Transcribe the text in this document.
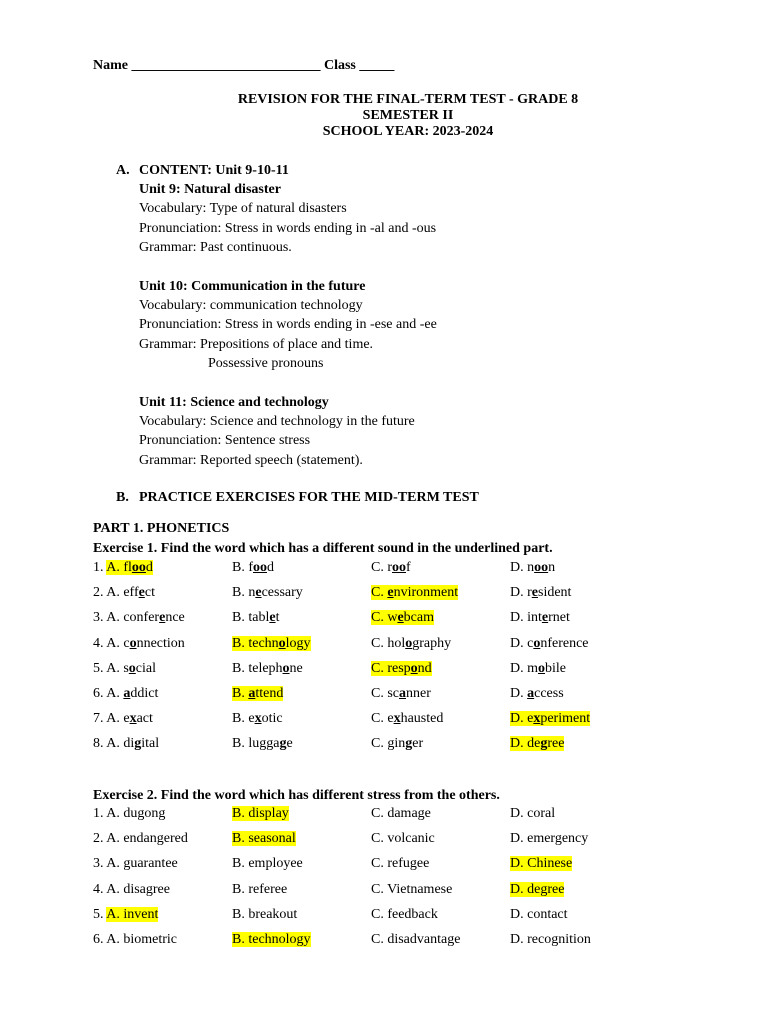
Name ___________________________ Class _____
REVISION FOR THE FINAL-TERM TEST - GRADE 8
SEMESTER II
SCHOOL YEAR: 2023-2024
A. CONTENT: Unit 9-10-11
Unit 9: Natural disaster
Vocabulary: Type of natural disasters
Pronunciation: Stress in words ending in -al and -ous
Grammar: Past continuous.
Unit 10: Communication in the future
Vocabulary: communication technology
Pronunciation: Stress in words ending in -ese and -ee
Grammar: Prepositions of place and time.
Possessive pronouns
Unit 11: Science and technology
Vocabulary: Science and technology in the future
Pronunciation: Sentence stress
Grammar: Reported speech (statement).
B. PRACTICE EXERCISES FOR THE MID-TERM TEST
PART 1. PHONETICS
Exercise 1. Find the word which has a different sound in the underlined part.
1. A. flood	B. food	C. roof	D. noon
2. A. effect	B. necessary	C. environment	D. resident
3. A. conference	B. tablet	C. webcam	D. internet
4. A. connection	B. technology	C. holography	D. conference
5. A. social	B. telephone	C. respond	D. mobile
6. A. addict	B. attend	C. scanner	D. access
7. A. exact	B. exotic	C. exhausted	D. experiment
8. A. digital	B. luggage	C. ginger	D. degree
Exercise 2. Find the word which has different stress from the others.
1. A. dugong	B. display	C. damage	D. coral
2. A. endangered	B. seasonal	C. volcanic	D. emergency
3. A. guarantee	B. employee	C. refugee	D. Chinese
4. A. disagree	B. referee	C. Vietnamese	D. degree
5. A. invent	B. breakout	C. feedback	D. contact
6. A. biometric	B. technology	C. disadvantage	D. recognition
